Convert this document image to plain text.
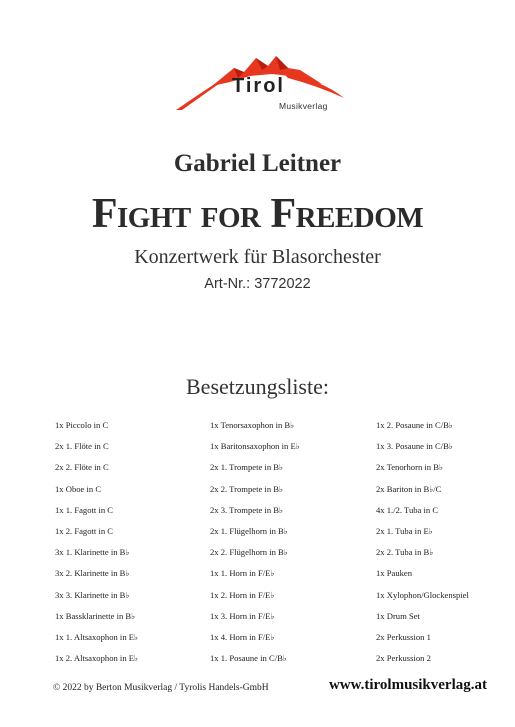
Tirol
Musikverlag
Gabriel Leitner
Fight for Freedom
Konzertwerk für Blasorchester
Art-Nr.: 3772022
Besetzungsliste:
1x Piccolo in C
2x 1. Flöte in C
2x 2. Flöte in C
1x Oboe in C
1x 1. Fagott in C
1x 2. Fagott in C
3x 1. Klarinette in B♭
3x 2. Klarinette in B♭
3x 3. Klarinette in B♭
1x Bassklarinette in B♭
1x 1. Altsaxophon in E♭
1x 2. Altsaxophon in E♭
1x Tenorsaxophon in B♭
1x Baritonsaxophon in E♭
2x 1. Trompete in B♭
2x 2. Trompete in B♭
2x 3. Trompete in B♭
2x 1. Flügelhorn in B♭
2x 2. Flügelhorn in B♭
1x 1. Horn in F/E♭
1x 2. Horn in F/E♭
1x 3. Horn in F/E♭
1x 4. Horn in F/E♭
1x 1. Posaune in C/B♭
1x 2. Posaune in C/B♭
1x 3. Posaune in C/B♭
2x Tenorhorn in B♭
2x Bariton in B♭/C
4x 1./2. Tuba in C
2x 1. Tuba in E♭
2x 2. Tuba in B♭
1x Pauken
1x Xylophon/Glockenspiel
1x Drum Set
2x Perkussion 1
2x Perkussion 2
© 2022 by Berton Musikverlag / Tyrolis Handels-GmbH	www.tirolmusikverlag.at
